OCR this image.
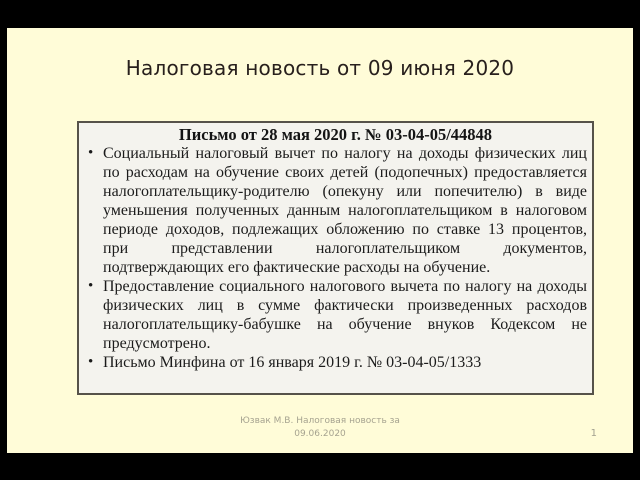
Налоговая новость от 09 июня 2020
Письмо от 28 мая 2020 г. № 03-04-05/44848
• Социальный налоговый вычет по налогу на доходы физических лиц по расходам на обучение своих детей (подопечных) предоставляется налогоплательщику-родителю (опекуну или попечителю) в виде уменьшения полученных данным налогоплательщиком в налоговом периоде доходов, подлежащих обложению по ставке 13 процентов, при представлении налогоплательщиком документов, подтверждающих его фактические расходы на обучение.
• Предоставление социального налогового вычета по налогу на доходы физических лиц в сумме фактически произведенных расходов налогоплательщику-бабушке на обучение внуков Кодексом не предусмотрено.
• Письмо Минфина от 16 января 2019 г. № 03-04-05/1333
Юзвак М.В. Налоговая новость за
09.06.2020	1
